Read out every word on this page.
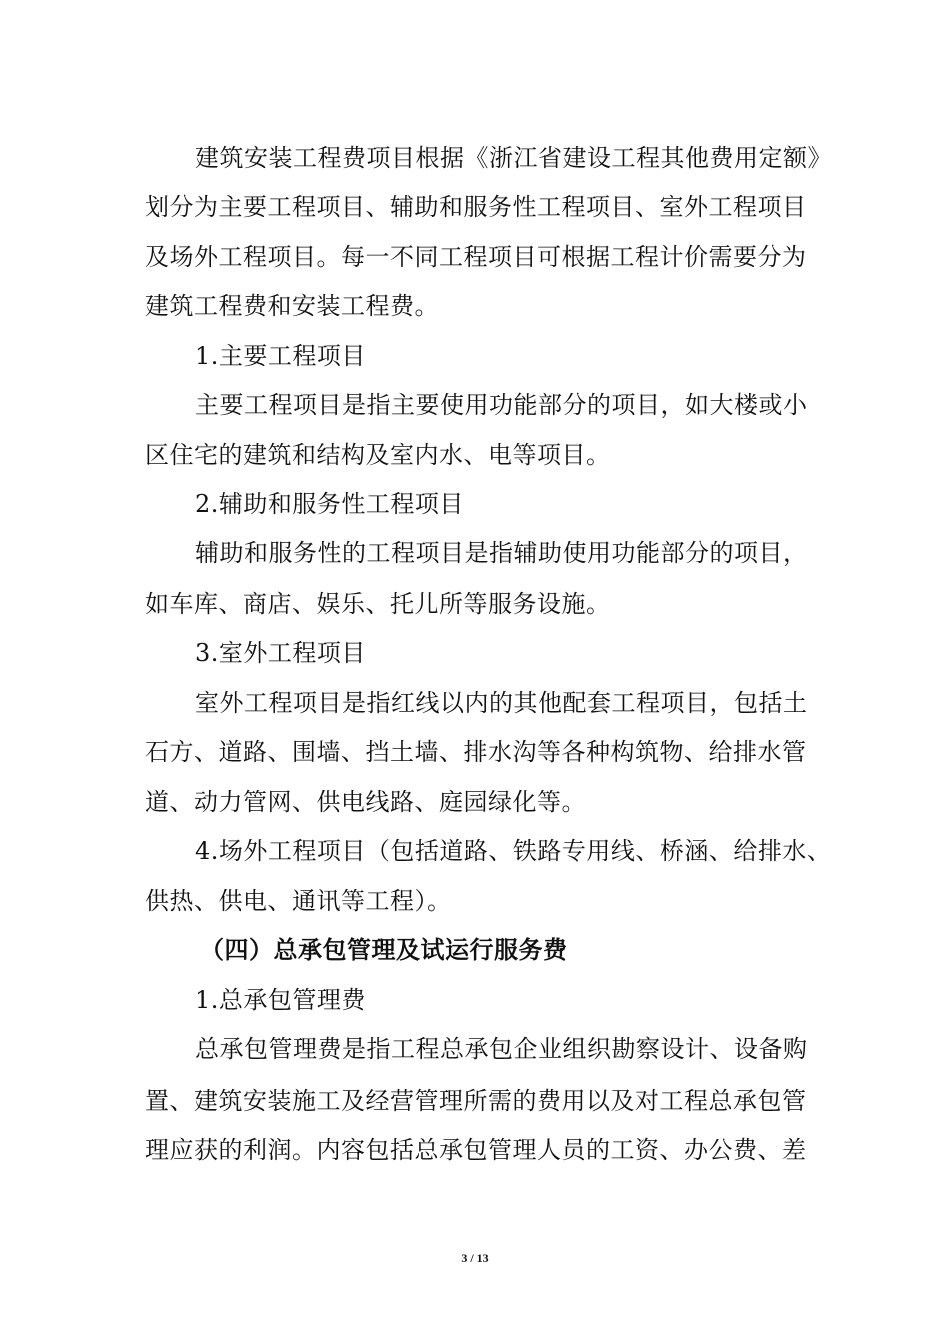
建筑安装工程费项目根据《浙江省建设工程其他费用定额》
划分为主要工程项目、辅助和服务性工程项目、室外工程项目
及场外工程项目。每一不同工程项目可根据工程计价需要分为
建筑工程费和安装工程费。
1.主要工程项目
主要工程项目是指主要使用功能部分的项目，如大楼或小
区住宅的建筑和结构及室内水、电等项目。
2.辅助和服务性工程项目
辅助和服务性的工程项目是指辅助使用功能部分的项目，
如车库、商店、娱乐、托儿所等服务设施。
3.室外工程项目
室外工程项目是指红线以内的其他配套工程项目，包括土
石方、道路、围墙、挡土墙、排水沟等各种构筑物、给排水管
道、动力管网、供电线路、庭园绿化等。
4.场外工程项目（包括道路、铁路专用线、桥涵、给排水、
供热、供电、通讯等工程）。
（四）总承包管理及试运行服务费
1.总承包管理费
总承包管理费是指工程总承包企业组织勘察设计、设备购
置、建筑安装施工及经营管理所需的费用以及对工程总承包管
理应获的利润。内容包括总承包管理人员的工资、办公费、差
3 / 13
